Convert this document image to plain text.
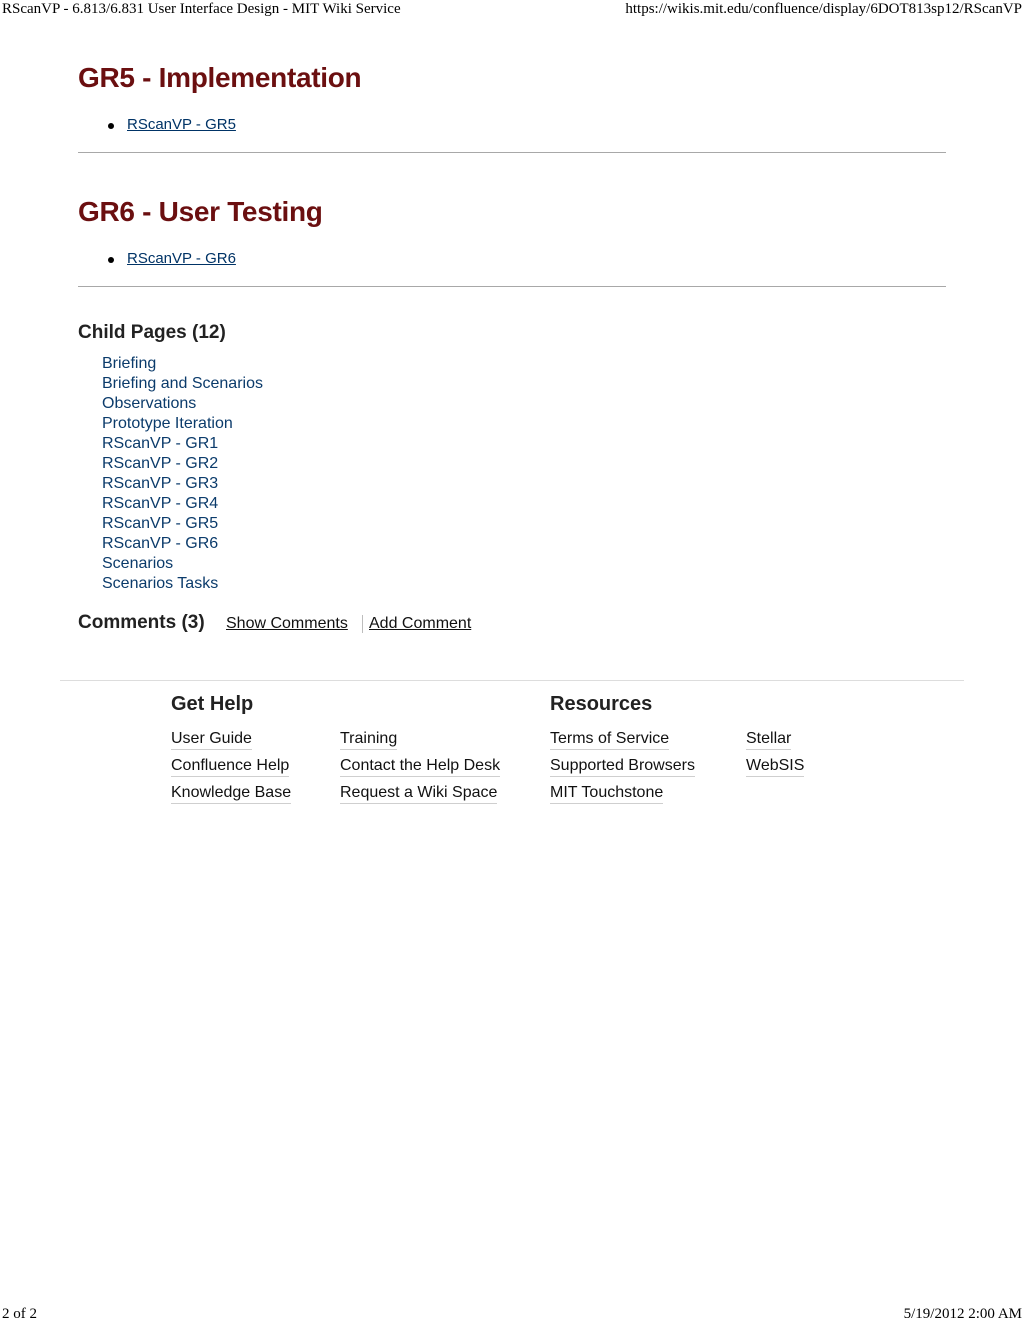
RScanVP - 6.813/6.831 User Interface Design - MIT Wiki Service	https://wikis.mit.edu/confluence/display/6DOT813sp12/RScanVP
GR5 - Implementation
RScanVP - GR5
GR6 - User Testing
RScanVP - GR6
Child Pages (12)
Briefing
Briefing and Scenarios
Observations
Prototype Iteration
RScanVP - GR1
RScanVP - GR2
RScanVP - GR3
RScanVP - GR4
RScanVP - GR5
RScanVP - GR6
Scenarios
Scenarios Tasks
Comments (3) Show Comments Add Comment
Get Help
User Guide
Confluence Help
Knowledge Base
Training
Contact the Help Desk
Request a Wiki Space
Resources
Terms of Service
Supported Browsers
MIT Touchstone
Stellar
WebSIS
2 of 2	5/19/2012 2:00 AM
